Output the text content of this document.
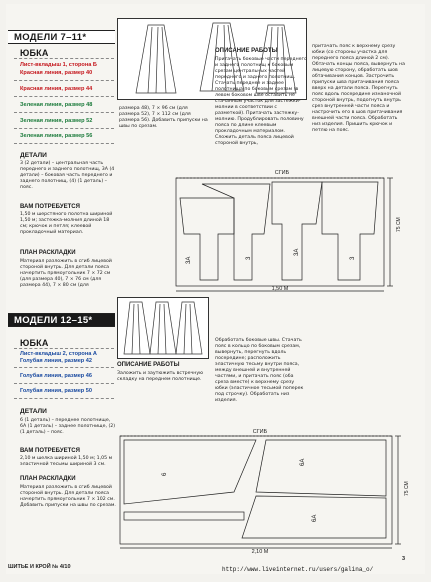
МОДЕЛИ 7–11*
ЮБКА
Лист-вкладыш 1, сторона Б
Красная линия, размер 40
Красная линия, размер 44
Зеленая линия, размер 48
Зеленая линия, размер 52
Зеленая линия, размер 56
ДЕТАЛИ
3 (2 детали) – центральная часть переднего и заднего полотнищ, 3А (4 детали) – боковая часть переднего и заднего полотнищ, (4) (1 деталь) – пояс.
ВАМ ПОТРЕБУЕТСЯ
1,50 м шерстяного полотна шириной 1,50 м; застежка-молния длиной 18 см; крючок и петля; клеевой прокладочный материал.
ПЛАН РАСКЛАДКИ
Материал разложить в сгиб лицевой стороной внутрь. Для детали пояса начертить прямоугольник 7 × 72 см (для размера 40), 7 × 76 см (для размера 44), 7 × 80 см (для
размера 48), 7 × 96 см (для размера 52), 7 × 112 см (для размера 56). Добавить припуски на швы по срезам.
ОПИСАНИЕ РАБОТЫ
Притачать боковые части переднего и заднего полотнищ к боковым срезам центральных частей переднего и заднего полотнищ. Стачать переднее и заднее полотнища по боковым срезам (в левом боковом шве оставить не стачанным участок для застежки-молнии в соответствии с разметкой). Притачать застежку-молнию. Продублировать половину пояса по длине клеевым прокладочным материалом. Сложить деталь пояса лицевой стороной внутрь,
притачать пояс к верхнему срезу юбки (со стороны участка для переднего пояса длиной 2 см). Обтачать концы пояса, вывернуть на лицевую сторону, обработать шов обтачивания концов. Застрочить припуски шва притачивания пояса вверх на детали пояса. Перегнуть пояс вдоль посередине изнаночной стороной внутрь, подогнуть внутрь срез внутренней части пояса и настрочить его в шов притачивания внешней части пояса. Обработать низ изделия. Пришить крючок и петлю на пояс.
СГИБ
1,50 М
75 СМ
3А	3
3А
3
МОДЕЛИ 12–15*
ЮБКА
Лист-вкладыш 2, сторона А
Голубая линия, размер 42
Голубая линия, размер 46
Голубая линия, размер 50
ДЕТАЛИ
6 (1 деталь) – переднее полотнище, 6А (1 деталь) – заднее полотнище, (2) (1 деталь) – пояс.
ВАМ ПОТРЕБУЕТСЯ
2,10 м шелка шириной 1,50 м; 1,05 м эластичной тесьмы шириной 3 см.
ПЛАН РАСКЛАДКИ
Материал разложить в сгиб лицевой стороной внутрь. Для детали пояса начертить прямоугольник 7 × 102 см. Добавить припуски на швы по срезам.
ОПИСАНИЕ РАБОТЫ
Заложить и заутюжить встречную складку на переднем полотнище.
Обработать боковые швы. Стачать пояс в кольцо по боковым срезам, вывернуть, перегнуть вдоль посередине; расположить эластичную тесьму внутри пояса, между внешней и внутренней частями, и притачать пояс (оба среза вместе) к верхнему срезу юбки (эластичное тесьмой поперек под строчку). Обработать низ изделия.
СГИБ
2,10 М
75 СМ
6
6А
6А
ШИТЬЕ И КРОЙ № 4/10	http://www.liveinternet.ru/users/galina_o/
3
